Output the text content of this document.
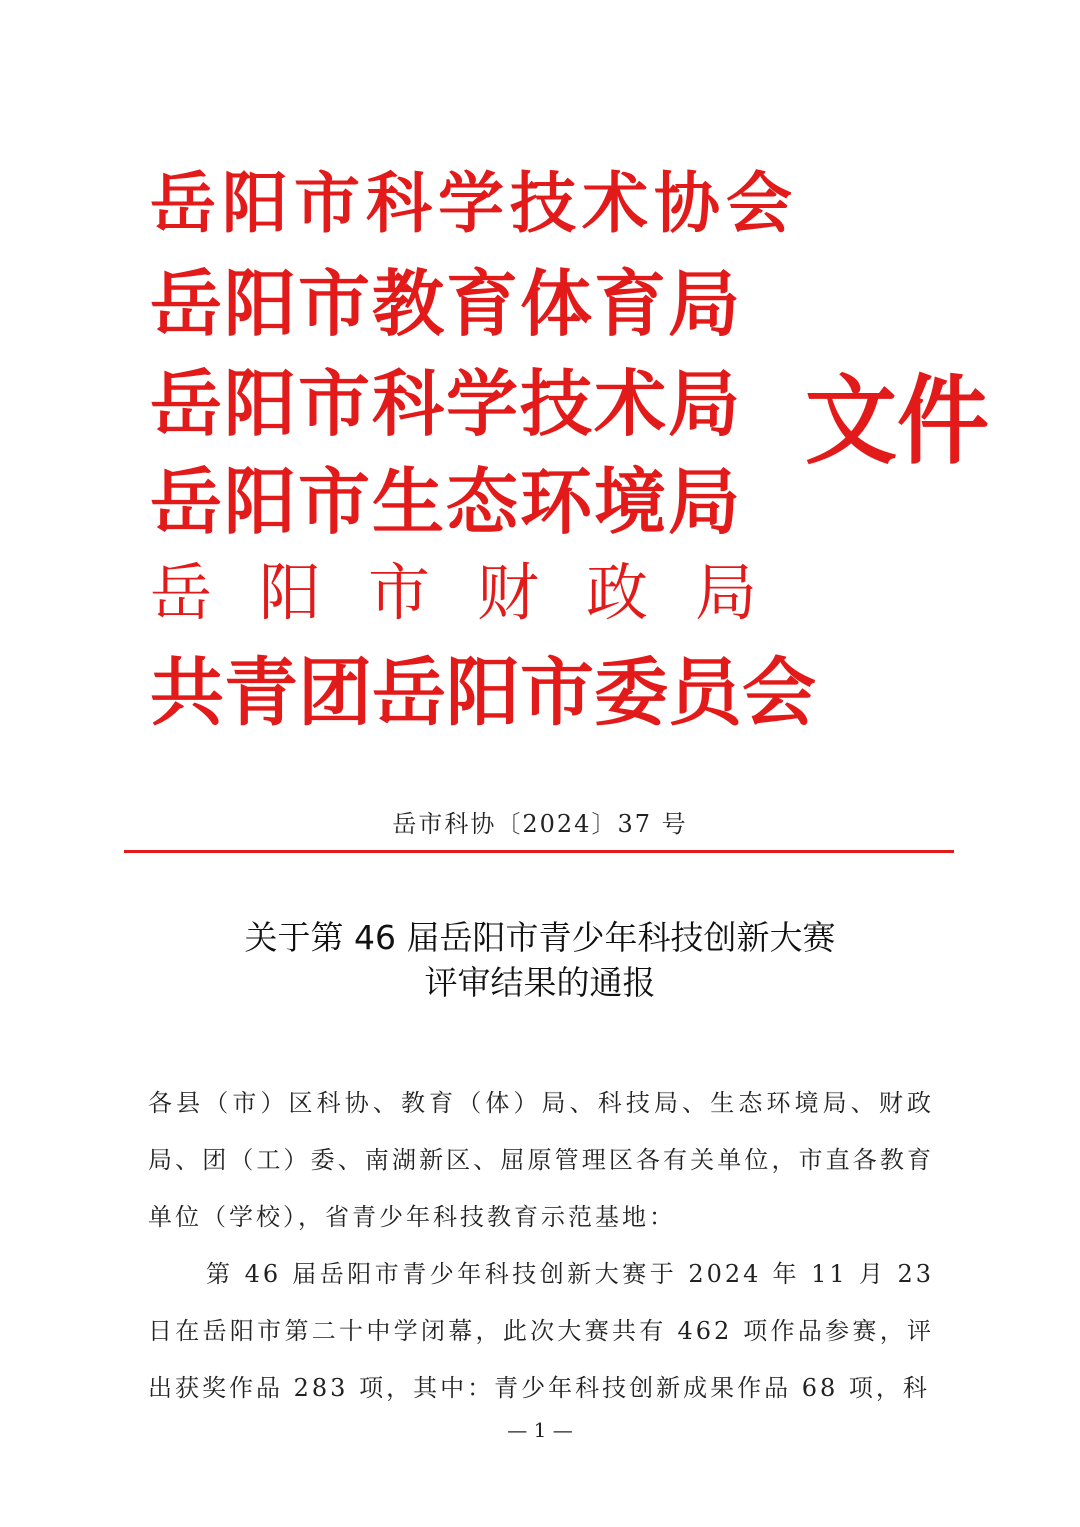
岳阳市科学技术协会
岳阳市教育体育局
岳阳市科学技术局
岳阳市生态环境局
岳阳市财政局
共青团岳阳市委员会
文件
岳市科协〔2024〕37 号
关于第 46 届岳阳市青少年科技创新大赛
评审结果的通报

各县（市）区科协、教育（体）局、科技局、生态环境局、财政局、团（工）委、南湖新区、屈原管理区各有关单位，市直各教育单位（学校），省青少年科技教育示范基地：

第 46 届岳阳市青少年科技创新大赛于 2024 年 11 月 23 日在岳阳市第二十中学闭幕，此次大赛共有 462 项作品参赛，评出获奖作品 283 项，其中：青少年科技创新成果作品 68 项，科

— 1 —
